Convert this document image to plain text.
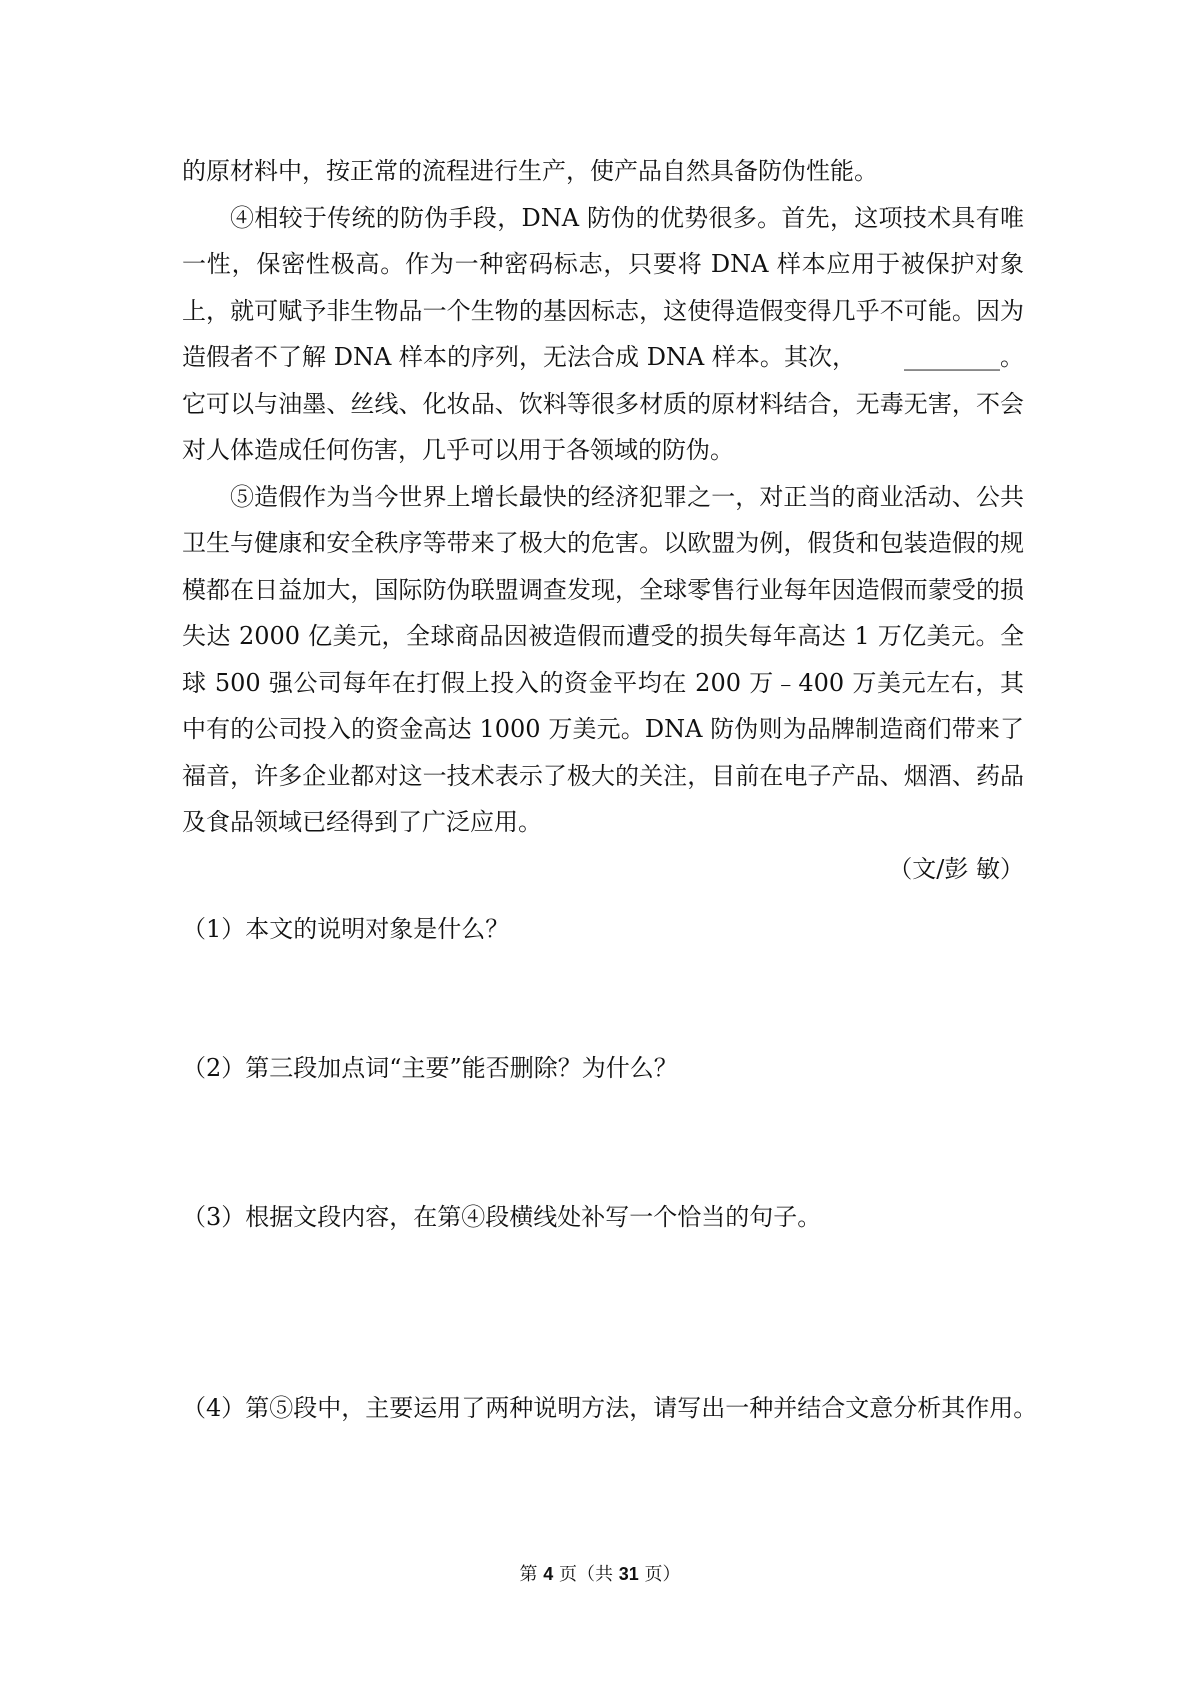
的原材料中，按正常的流程进行生产，使产品自然具备防伪性能。

④相较于传统的防伪手段，DNA 防伪的优势很多。首先，这项技术具有唯一性，保密性极高。作为一种密码标志，只要将 DNA 样本应用于被保护对象上，就可赋予非生物品一个生物的基因标志，这使得造假变得几乎不可能。因为造假者不了解 DNA 样本的序列，无法合成 DNA 样本。其次， ________。它可以与油墨、丝线、化妆品、饮料等很多材质的原材料结合，无毒无害，不会对人体造成任何伤害，几乎可以用于各领域的防伪。

⑤造假作为当今世界上增长最快的经济犯罪之一，对正当的商业活动、公共卫生与健康和安全秩序等带来了极大的危害。以欧盟为例，假货和包装造假的规模都在日益加大，国际防伪联盟调查发现，全球零售行业每年因造假而蒙受的损失达 2000 亿美元，全球商品因被造假而遭受的损失每年高达 1 万亿美元。全球 500 强公司每年在打假上投入的资金平均在 200 万﹣400 万美元左右，其中有的公司投入的资金高达 1000 万美元。DNA 防伪则为品牌制造商们带来了福音，许多企业都对这一技术表示了极大的关注，目前在电子产品、烟酒、药品及食品领域已经得到了广泛应用。

（文/彭 敏）

（1）本文的说明对象是什么？
（2）第三段加点词“主要”能否删除？为什么？
（3）根据文段内容，在第④段横线处补写一个恰当的句子。
（4）第⑤段中，主要运用了两种说明方法，请写出一种并结合文意分析其作用。
第 4 页（共 31 页）
